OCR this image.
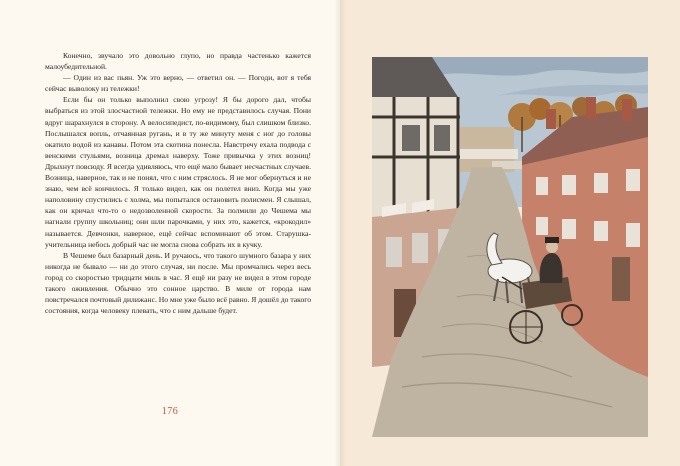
Конечно, звучало это довольно глупо, но правда частенько кажется малоубедительной.

— Один из вас пьян. Уж это верно, — ответил он. — Погоди, вот я тебя сейчас выволоку из тележки!

Если бы он только выполнил свою угрозу! Я бы дорого дал, чтобы выбраться из этой злосчастной тележки. Но ему не представилось случая. Пони вдруг шарахнулся в сторону. А велосипедист, по-видимому, был слишком близко. Послышался вопль, отчаянная ругань, и в ту же минуту меня с ног до головы окатило водой из канавы. Потом эта скотина понесла. Навстречу ехала подвода с венскими стульями, возница дремал наверху. Тоже привычка у этих возниц! Дрыхнут повсюду. Я всегда удивляюсь, что ещё мало бывает несчастных случаев. Возница, наверное, так и не понял, что с ним стряслось. Я не мог обернуться и не знаю, чем всё кончилось. Я только видел, как он полетел вниз. Когда мы уже наполовину спустились с холма, мы попытался остановить полисмен. Я слышал, как он кричал что-то о недозволенной скорости. За полмили до Чешема мы нагнали группу школьниц; они шли парочками, у них это, кажется, «крокодил» называется. Девчонки, наверное, ещё сейчас вспоминают об этом. Старушка-учительница небось добрый час не могла снова собрать их в кучку.

В Чешеме был базарный день. И ручаюсь, что такого шумного базара у них никогда не бывало — ни до этого случая, ни после. Мы промчались через весь город со скоростью тридцати миль в час. Я ещё ни разу не видел в этом городе такого оживления. Обычно это сонное царство. В миле от города нам повстречался почтовый дилижанс. Но мне уже было всё равно. Я дошёл до такого состояния, когда человеку плевать, что с ним дальше будет.

176
